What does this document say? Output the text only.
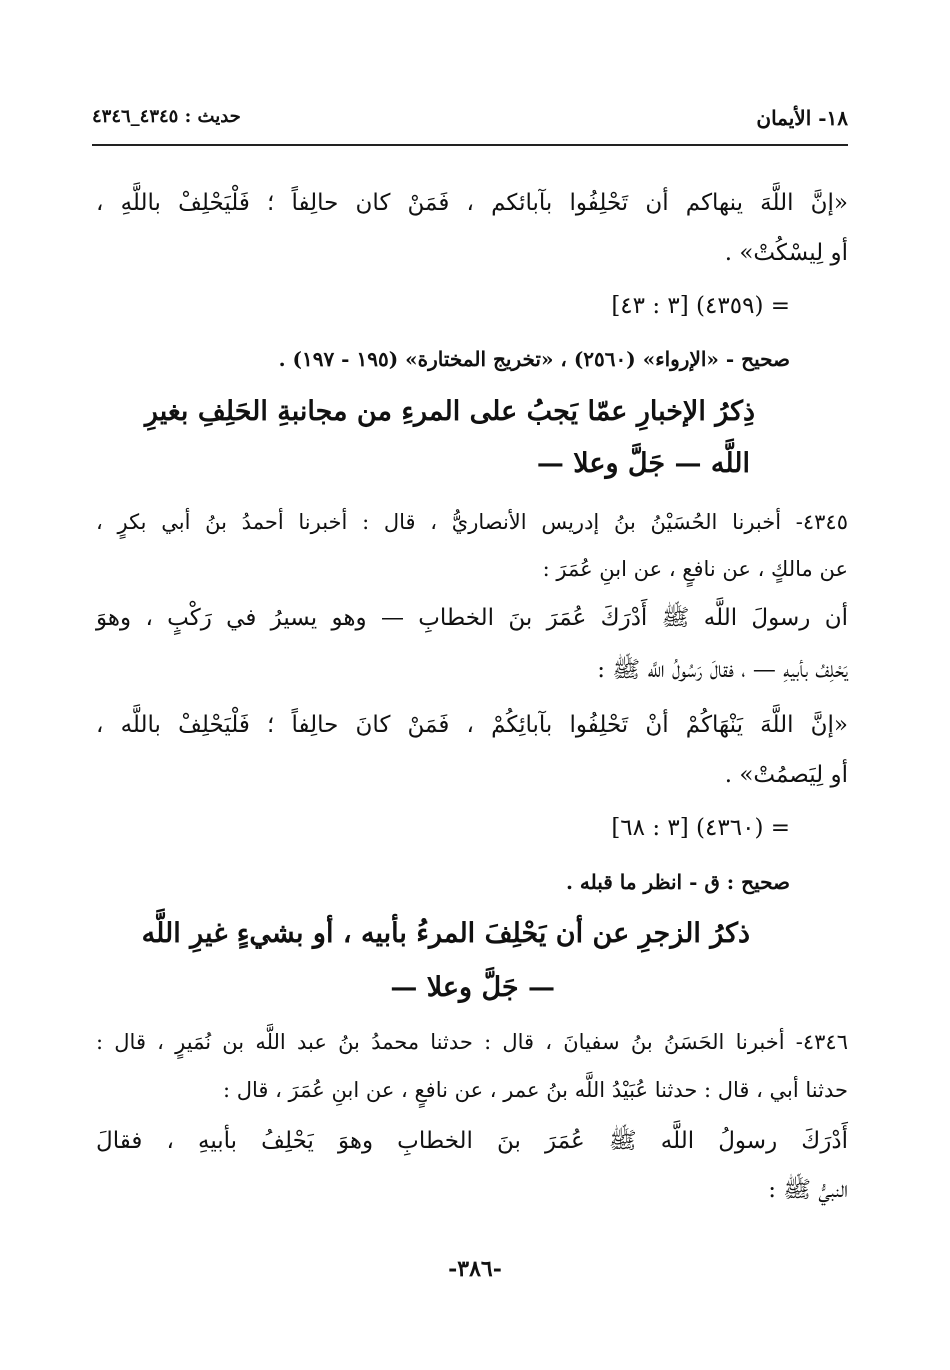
١٨- الأيمان
حديث : ٤٣٤٥_٤٣٤٦
«إنَّ اللَّهَ ينهاكم أن تَحْلِفُوا بآبائكم ، فَمَنْ كان حالِفاً ؛ فَلْيَحْلِفْ باللَّهِ ،
أو لِيسْكُتْ» .
= (٤٣٥٩) [٣ : ٤٣]
صحيح - «الإرواء» (٢٥٦٠) ، «تخريج المختارة» (١٩٥ - ١٩٧) .
ذِكرُ الإخبارِ عمّا يَجبُ على المرءِ من مجانبةِ الحَلِفِ بغيرِ
اللَّه — جَلَّ وعلا —
٤٣٤٥- أخبرنا الحُسَيْنُ بنُ إدريس الأنصاريُّ ، قال : أخبرنا أحمدُ بنُ أبي بكرٍ ،
عن مالكٍ ، عن نافعٍ ، عن ابنِ عُمَرَ :
أن رسولَ اللَّه ﷺ أَدْرَكَ عُمَرَ بنَ الخطابِ — وهو يسيرُ في رَكْبٍ ، وهوَ
يَحْلِفُ بأبيهِ — ، فقالَ رَسُولُ اللَّه ﷺ :
«إنَّ اللَّهَ يَنْهَاكُمْ أنْ تَحْلِفُوا بآبائِكُمْ ، فَمَنْ كانَ حالِفاً ؛ فَلْيَحْلِفْ باللَّه ،
أو لِيَصمُتْ» .
= (٤٣٦٠) [٣ : ٦٨]
صحيح : ق - انظر ما قبله .
ذكرُ الزجرِ عن أن يَحْلِفَ المرءُ بأبيه ، أو بشيءٍ غيرِ اللَّه
— جَلَّ وعلا —
٤٣٤٦- أخبرنا الحَسَنُ بنُ سفيانَ ، قال : حدثنا محمدُ بنُ عبد اللَّه بن نُمَيرٍ ، قال :
حدثنا أبي ، قال : حدثنا عُبَيْدُ اللَّه بنُ عمر ، عن نافعٍ ، عن ابنِ عُمَرَ ، قال :
أَدْرَكَ رسولُ اللَّه ﷺ عُمَرَ بنَ الخطابِ وهوَ يَحْلِفُ بأبيهِ ، فقالَ
النبيُّ ﷺ :
-٣٨٦-
